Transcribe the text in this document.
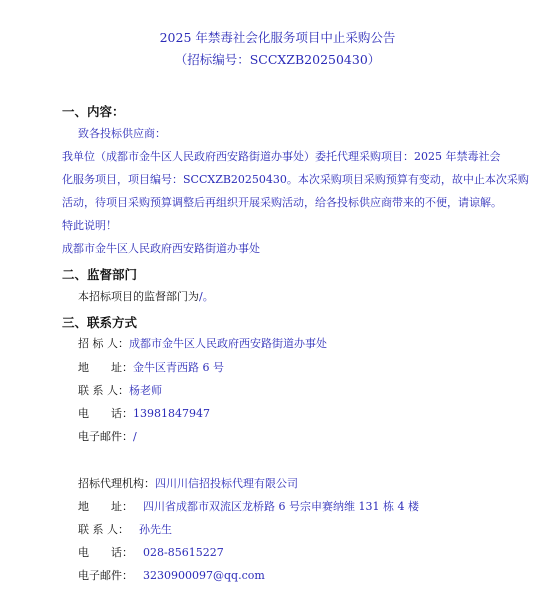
2025 年禁毒社会化服务项目中止采购公告
（招标编号：SCCXZB20250430）
一、内容：
致各投标供应商：
我单位（成都市金牛区人民政府西安路街道办事处）委托代理采购项目：2025 年禁毒社会
化服务项目，项目编号：SCCXZB20250430。本次采购项目采购预算有变动，故中止本次采购
活动，待项目采购预算调整后再组织开展采购活动，给各投标供应商带来的不便，请谅解。
特此说明！
成都市金牛区人民政府西安路街道办事处
二、监督部门
本招标项目的监督部门为/。
三、联系方式
招 标 人：成都市金牛区人民政府西安路街道办事处
地　　址：金牛区青西路 6 号
联 系 人：杨老师
电　　话：13981847947
电子邮件：/
招标代理机构：四川川信招投标代理有限公司
地　　址： 四川省成都市双流区龙桥路 6 号宗申赛纳维 131 栋 4 楼
联 系 人： 孙先生
电　　话： 028-85615227
电子邮件： 3230900097@qq.com
